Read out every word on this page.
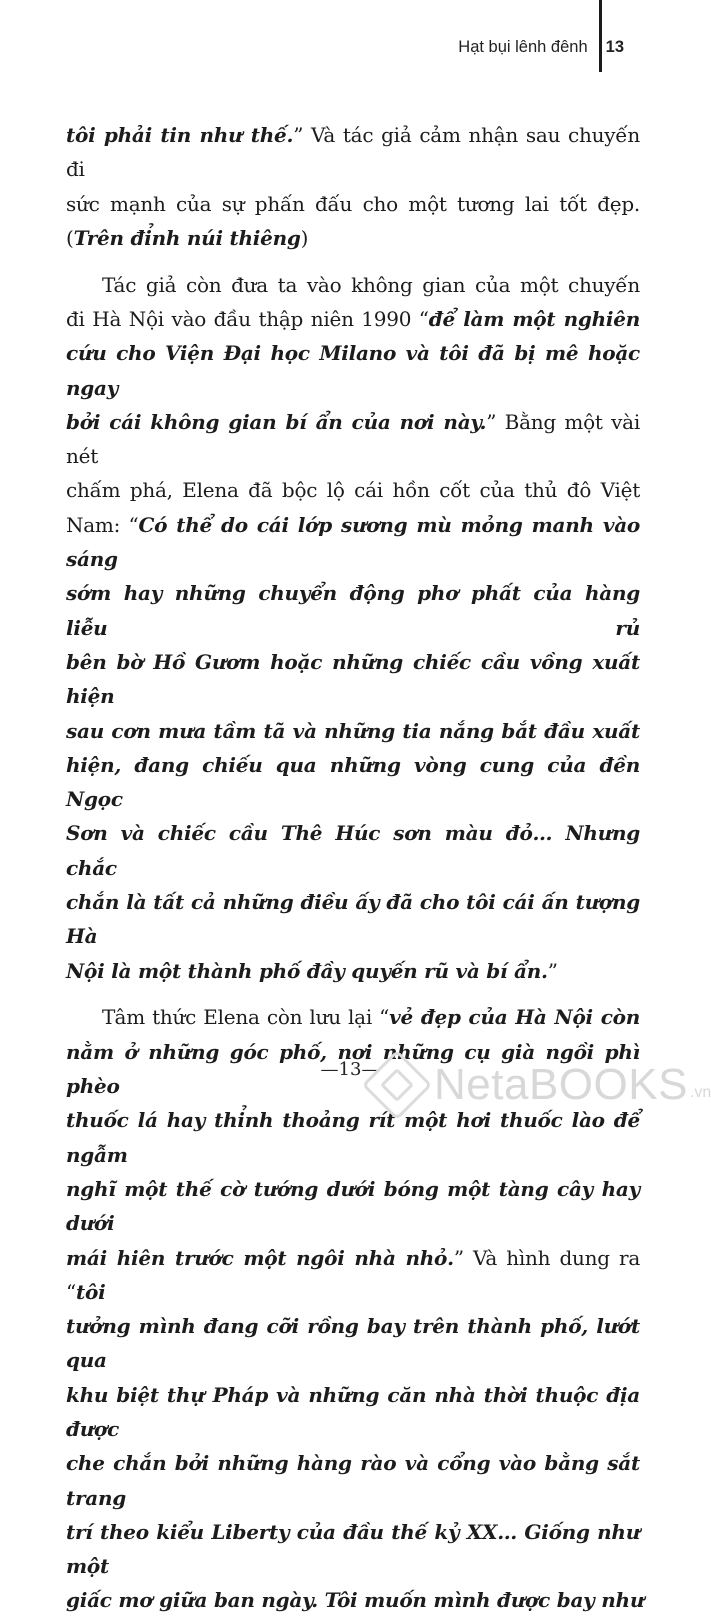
Hạt bụi lênh đênh	13
tôi phải tin như thế.” Và tác giả cảm nhận sau chuyến đi
sức mạnh của sự phấn đấu cho một tương lai tốt đẹp.
(Trên đỉnh núi thiêng)
Tác giả còn đưa ta vào không gian của một chuyến
đi Hà Nội vào đầu thập niên 1990 “để làm một nghiên
cứu cho Viện Đại học Milano và tôi đã bị mê hoặc ngay
bởi cái không gian bí ẩn của nơi này.” Bằng một vài nét
chấm phá, Elena đã bộc lộ cái hồn cốt của thủ đô Việt
Nam: “Có thể do cái lớp sương mù mỏng manh vào sáng
sớm hay những chuyển động phơ phất của hàng liễu rủ
bên bờ Hồ Gươm hoặc những chiếc cầu vồng xuất hiện
sau cơn mưa tầm tã và những tia nắng bắt đầu xuất
hiện, đang chiếu qua những vòng cung của đền Ngọc
Sơn và chiếc cầu Thê Húc sơn màu đỏ… Nhưng chắc
chắn là tất cả những điều ấy đã cho tôi cái ấn tượng Hà
Nội là một thành phố đầy quyến rũ và bí ẩn.”
Tâm thức Elena còn lưu lại “vẻ đẹp của Hà Nội còn
nằm ở những góc phố, nơi những cụ già ngồi phì phèo
thuốc lá hay thỉnh thoảng rít một hơi thuốc lào để ngẫm
nghĩ một thế cờ tướng dưới bóng một tàng cây hay dưới
mái hiên trước một ngôi nhà nhỏ.” Và hình dung ra “tôi
tưởng mình đang cỡi rồng bay trên thành phố, lướt qua
khu biệt thự Pháp và những căn nhà thời thuộc địa được
che chắn bởi những hàng rào và cổng vào bằng sắt trang
trí theo kiểu Liberty của đầu thế kỷ XX… Giống như một
giấc mơ giữa ban ngày. Tôi muốn mình được bay như
—13—	NetaBOOKS .vn
